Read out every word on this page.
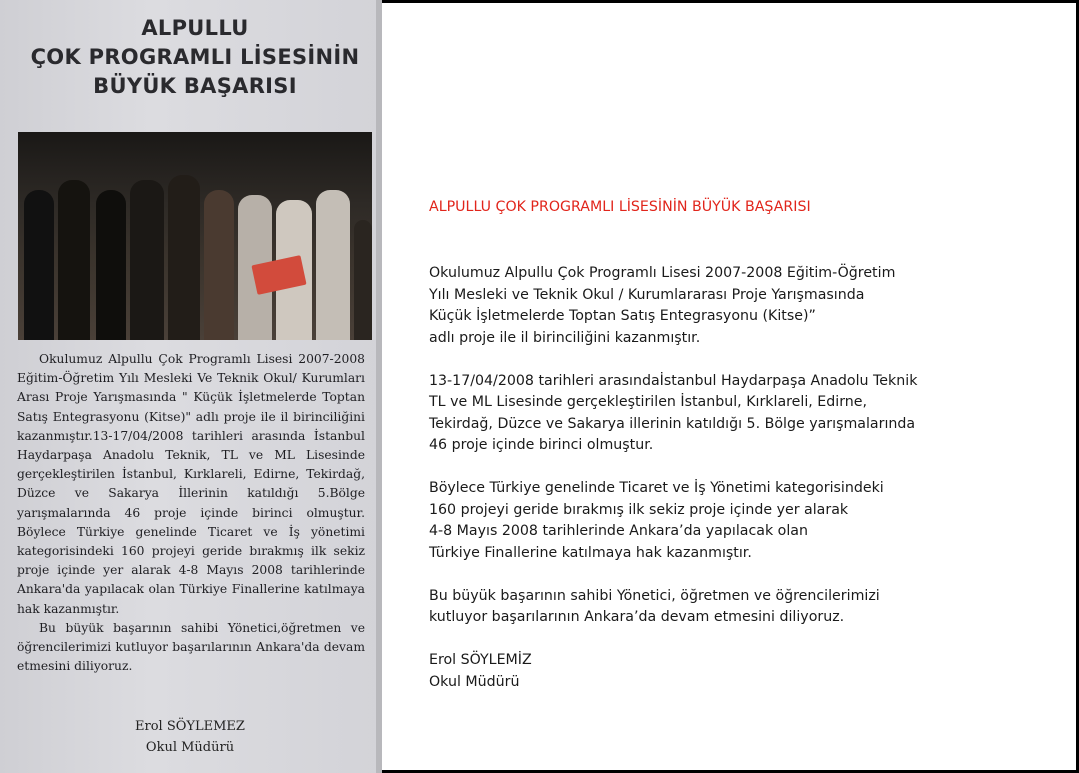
ALPULLU
ÇOK PROGRAMLI LİSESİNİN
BÜYÜK BAŞARISI

Okulumuz Alpullu Çok Programlı Lisesi 2007-2008 Eğitim-Öğretim Yılı Mesleki Ve Teknik Okul/ Kurumları Arası Proje Yarışmasında " Küçük İşletmelerde Toptan Satış Entegrasyonu (Kitse)" adlı proje ile il birinciliğini kazanmıştır.13-17/04/2008 tarihleri arasında İstanbul Haydarpaşa Anadolu Teknik, TL ve ML Lisesinde gerçekleştirilen İstanbul, Kırklareli, Edirne, Tekirdağ, Düzce ve Sakarya İllerinin katıldığı 5.Bölge yarışmalarında 46 proje içinde birinci olmuştur. Böylece Türkiye genelinde Ticaret ve İş yönetimi kategorisindeki 160 projeyi geride bırakmış ilk sekiz proje içinde yer alarak 4-8 Mayıs 2008 tarihlerinde Ankara'da yapılacak olan Türkiye Finallerine katılmaya hak kazanmıştır.

Bu büyük başarının sahibi Yönetici,öğretmen ve öğrencilerimizi kutluyor başarılarının Ankara'da devam etmesini diliyoruz.

Erol SÖYLEMEZ
Okul Müdürü
ALPULLU ÇOK PROGRAMLI LİSESİNİN BÜYÜK BAŞARISI

Okulumuz Alpullu Çok Programlı Lisesi 2007-2008 Eğitim-Öğretim
Yılı Mesleki ve Teknik Okul / Kurumlararası Proje Yarışmasında
Küçük İşletmelerde Toptan Satış Entegrasyonu (Kitse)”
adlı proje ile il birinciliğini kazanmıştır.

13-17/04/2008 tarihleri arasındaİstanbul Haydarpaşa Anadolu Teknik
TL ve ML Lisesinde gerçekleştirilen İstanbul, Kırklareli, Edirne,
Tekirdağ, Düzce ve Sakarya illerinin katıldığı 5. Bölge yarışmalarında
46 proje içinde birinci olmuştur.

Böylece Türkiye genelinde Ticaret ve İş Yönetimi kategorisindeki
160 projeyi geride bırakmış ilk sekiz proje içinde yer alarak
4-8 Mayıs 2008 tarihlerinde Ankara’da yapılacak olan
Türkiye Finallerine katılmaya hak kazanmıştır.

Bu büyük başarının sahibi Yönetici, öğretmen ve öğrencilerimizi
kutluyor başarılarının Ankara’da devam etmesini diliyoruz.

Erol SÖYLEMİZ
Okul Müdürü
